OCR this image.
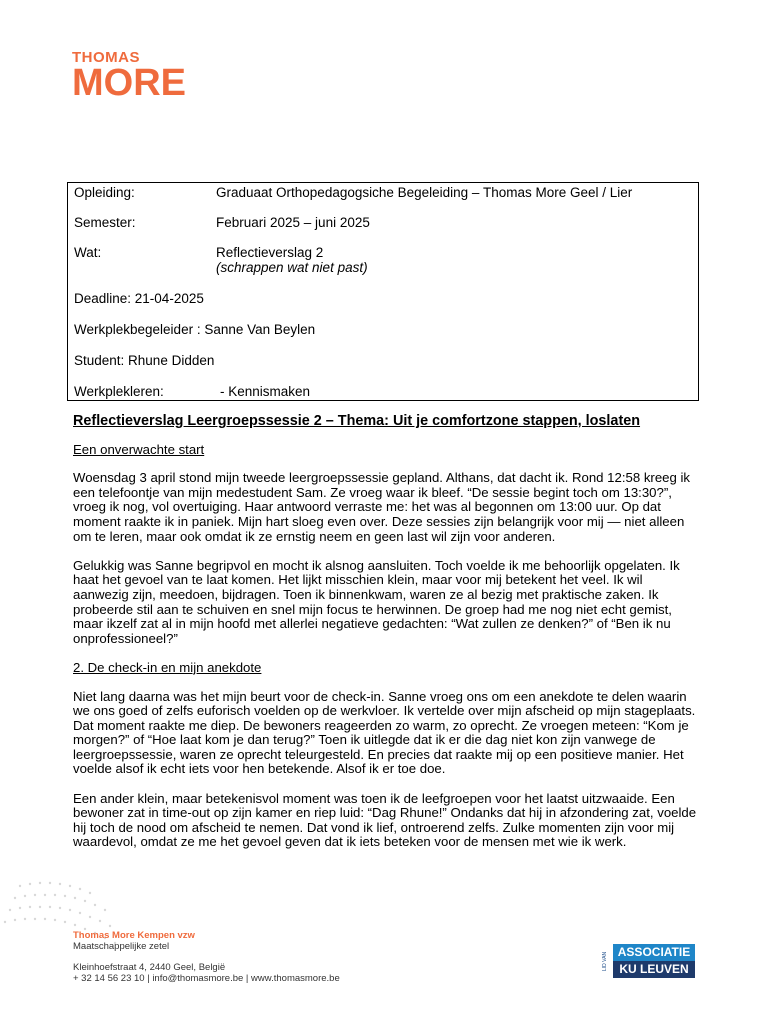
THOMAS
MORE
Opleiding:	Graduaat Orthopedagogsiche Begeleiding – Thomas More Geel / Lier
Semester:	Februari 2025 – juni 2025
Wat:	Reflectieverslag 2
(schrappen wat niet past)
Deadline: 21-04-2025
Werkplekbegeleider : Sanne Van Beylen
Student: Rhune Didden
Werkplekleren:	- Kennismaken
Reflectieverslag Leergroepssessie 2 – Thema: Uit je comfortzone stappen, loslaten
Een onverwachte start

Woensdag 3 april stond mijn tweede leergroepssessie gepland. Althans, dat dacht ik. Rond 12:58 kreeg ik een telefoontje van mijn medestudent Sam. Ze vroeg waar ik bleef. “De sessie begint toch om 13:30?”, vroeg ik nog, vol overtuiging. Haar antwoord verraste me: het was al begonnen om 13:00 uur. Op dat moment raakte ik in paniek. Mijn hart sloeg even over. Deze sessies zijn belangrijk voor mij — niet alleen om te leren, maar ook omdat ik ze ernstig neem en geen last wil zijn voor anderen.

Gelukkig was Sanne begripvol en mocht ik alsnog aansluiten. Toch voelde ik me behoorlijk opgelaten. Ik haat het gevoel van te laat komen. Het lijkt misschien klein, maar voor mij betekent het veel. Ik wil aanwezig zijn, meedoen, bijdragen. Toen ik binnenkwam, waren ze al bezig met praktische zaken. Ik probeerde stil aan te schuiven en snel mijn focus te herwinnen. De groep had me nog niet echt gemist, maar ikzelf zat al in mijn hoofd met allerlei negatieve gedachten: “Wat zullen ze denken?” of “Ben ik nu onprofessioneel?”

2. De check-in en mijn anekdote

Niet lang daarna was het mijn beurt voor de check-in. Sanne vroeg ons om een anekdote te delen waarin we ons goed of zelfs euforisch voelden op de werkvloer. Ik vertelde over mijn afscheid op mijn stageplaats. Dat moment raakte me diep. De bewoners reageerden zo warm, zo oprecht. Ze vroegen meteen: “Kom je morgen?” of “Hoe laat kom je dan terug?” Toen ik uitlegde dat ik er die dag niet kon zijn vanwege de leergroepssessie, waren ze oprecht teleurgesteld. En precies dat raakte mij op een positieve manier. Het voelde alsof ik echt iets voor hen betekende. Alsof ik er toe doe.

Een ander klein, maar betekenisvol moment was toen ik de leefgroepen voor het laatst uitzwaaide. Een bewoner zat in time-out op zijn kamer en riep luid: “Dag Rhune!” Ondanks dat hij in afzondering zat, voelde hij toch de nood om afscheid te nemen. Dat vond ik lief, ontroerend zelfs. Zulke momenten zijn voor mij waardevol, omdat ze me het gevoel geven dat ik iets beteken voor de mensen met wie ik werk.

Thomas More Kempen vzw
Maatschappelijke zetel
Kleinhoefstraat 4, 2440 Geel, België
+ 32 14 56 23 10 | info@thomasmore.be | www.thomasmore.be
LID VAN ASSOCIATIE
KU LEUVEN
